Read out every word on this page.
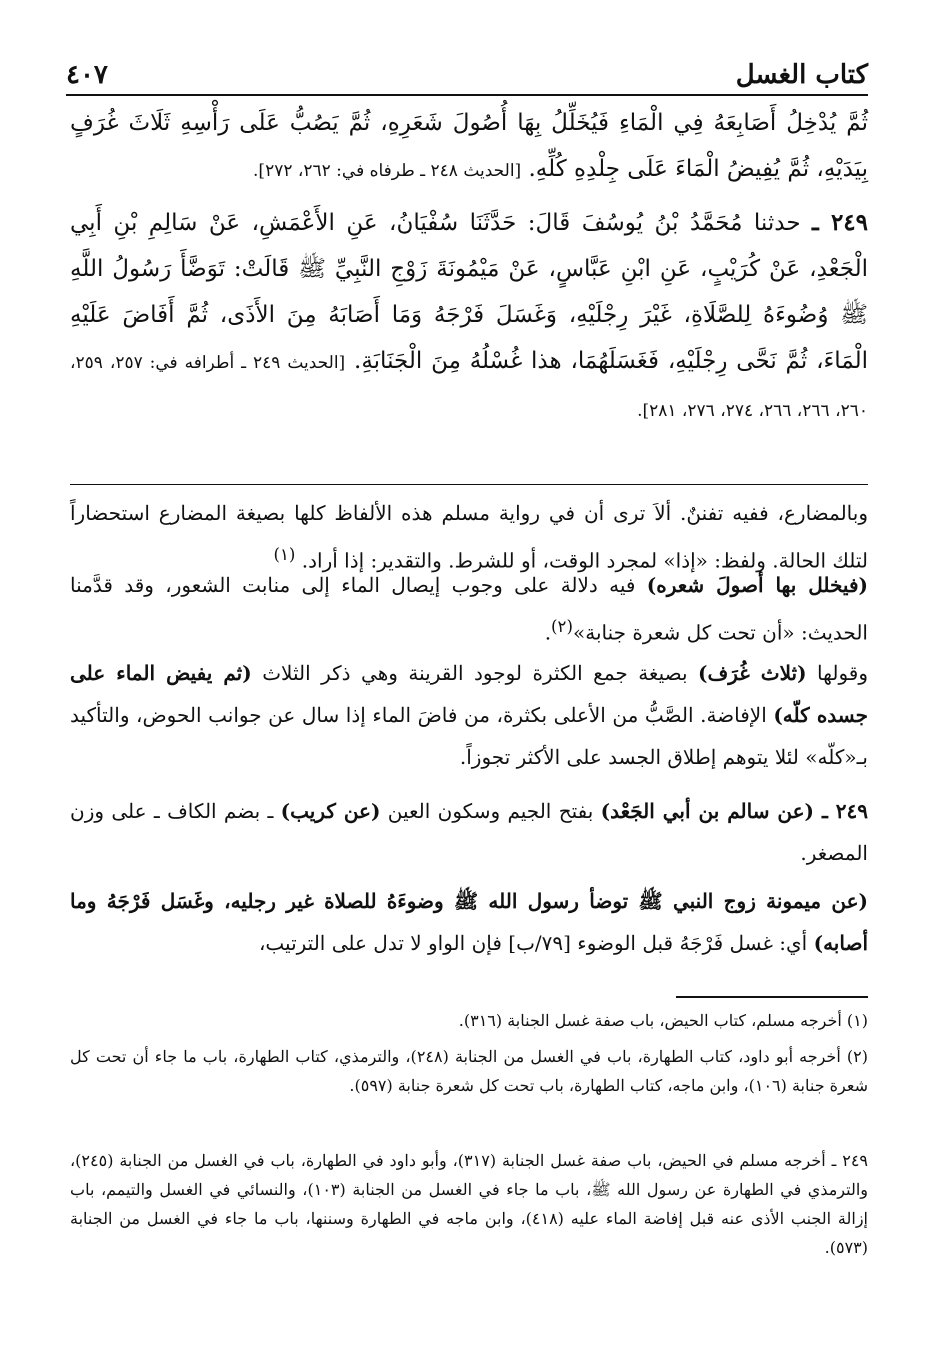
٤٠٧	كتاب الغسل
ثُمَّ يُدْخِلُ أَصَابِعَهُ فِي الْمَاءِ فَيُخَلِّلُ بِهَا أُصُولَ شَعَرِهِ، ثُمَّ يَصُبُّ عَلَى رَأْسِهِ ثَلَاثَ غُرَفٍ بِيَدَيْهِ، ثُمَّ يُفِيضُ الْمَاءَ عَلَى جِلْدِهِ كُلِّهِ. [الحديث ٢٤٨ ـ طرفاه في: ٢٦٢، ٢٧٢].
٢٤٩ ـ حدثنا مُحَمَّدُ بْنُ يُوسُفَ قَالَ: حَدَّثَنَا سُفْيَانُ، عَنِ الأَعْمَشِ، عَنْ سَالِمِ بْنِ أَبِي الْجَعْدِ، عَنْ كُرَيْبٍ، عَنِ ابْنِ عَبَّاسٍ، عَنْ مَيْمُونَةَ زَوْجِ النَّبِيِّ ﷺ قَالَتْ: تَوَضَّأَ رَسُولُ اللَّهِ ﷺ وُضُوءَهُ لِلصَّلَاةِ، غَيْرَ رِجْلَيْهِ، وَغَسَلَ فَرْجَهُ وَمَا أَصَابَهُ مِنَ الأَذَى، ثُمَّ أَفَاضَ عَلَيْهِ الْمَاءَ، ثُمَّ نَحَّى رِجْلَيْهِ، فَغَسَلَهُمَا، هذا غُسْلُهُ مِنَ الْجَنَابَةِ. [الحديث ٢٤٩ ـ أطرافه في: ٢٥٧، ٢٥٩، ٢٦٠، ٢٦٦، ٢٦٦، ٢٧٤، ٢٧٦، ٢٨١].
وبالمضارع، ففيه تفننٌ. ألاَ ترى أن في رواية مسلم هذه الألفاظ كلها بصيغة المضارع استحضاراً لتلك الحالة. ولفظ: «إذا» لمجرد الوقت، أو للشرط. والتقدير: إذا أراد. $^{(١)}$
(فيخلل بها أصولَ شعره) فيه دلالة على وجوب إيصال الماء إلى منابت الشعور، وقد قدَّمنا الحديث: «أن تحت كل شعرة جنابة»$^{(٢)}$.
وقولها (ثلاث غُرَف) بصيغة جمع الكثرة لوجود القرينة وهي ذكر الثلاث (ثم يفيض الماء على جسده كلّه) الإفاضة. الصَّبُّ من الأعلى بكثرة، من فاضَ الماء إذا سال عن جوانب الحوض، والتأكيد بـ«كلّه» لئلا يتوهم إطلاق الجسد على الأكثر تجوزاً.
٢٤٩ ـ (عن سالم بن أبي الجَعْد) بفتح الجيم وسكون العين (عن كريب) ـ بضم الكاف ـ على وزن المصغر.
(عن ميمونة زوج النبي ﷺ توضأ رسول الله ﷺ وضوءَهُ للصلاة غير رجليه، وغَسَل فَرْجَهُ وما أصابه) أي: غسل فَرْجَهُ قبل الوضوء [٧٩/ب] فإن الواو لا تدل على الترتيب،
(١) أخرجه مسلم، كتاب الحيض، باب صفة غسل الجنابة (٣١٦).
(٢) أخرجه أبو داود، كتاب الطهارة، باب في الغسل من الجنابة (٢٤٨)، والترمذي، كتاب الطهارة، باب ما جاء أن تحت كل شعرة جنابة (١٠٦)، وابن ماجه، كتاب الطهارة، باب تحت كل شعرة جنابة (٥٩٧).
٢٤٩ ـ أخرجه مسلم في الحيض، باب صفة غسل الجنابة (٣١٧)، وأبو داود في الطهارة، باب في الغسل من الجنابة (٢٤٥)، والترمذي في الطهارة عن رسول الله ﷺ، باب ما جاء في الغسل من الجنابة (١٠٣)، والنسائي في الغسل والتيمم، باب إزالة الجنب الأذى عنه قبل إفاضة الماء عليه (٤١٨)، وابن ماجه في الطهارة وسننها، باب ما جاء في الغسل من الجنابة (٥٧٣).
